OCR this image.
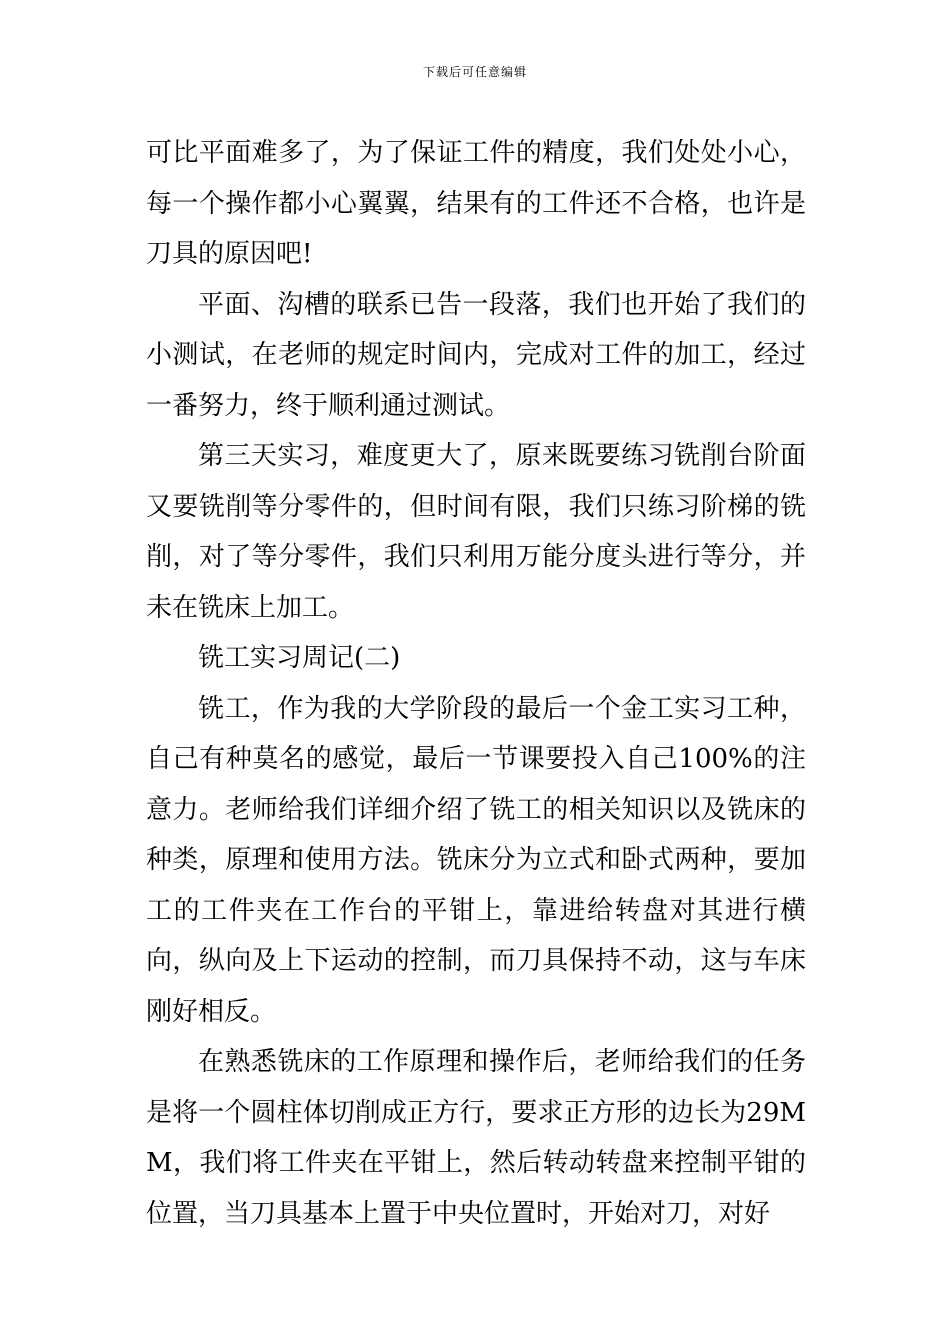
下载后可任意编辑

可比平面难多了，为了保证工件的精度，我们处处小心，每一个操作都小心翼翼，结果有的工件还不合格，也许是刀具的原因吧!

平面、沟槽的联系已告一段落，我们也开始了我们的小测试，在老师的规定时间内，完成对工件的加工，经过一番努力，终于顺利通过测试。

第三天实习，难度更大了，原来既要练习铣削台阶面又要铣削等分零件的，但时间有限，我们只练习阶梯的铣削，对了等分零件，我们只利用万能分度头进行等分，并未在铣床上加工。

铣工实习周记(二)

铣工，作为我的大学阶段的最后一个金工实习工种，自己有种莫名的感觉，最后一节课要投入自己100%的注意力。老师给我们详细介绍了铣工的相关知识以及铣床的种类，原理和使用方法。铣床分为立式和卧式两种，要加工的工件夹在工作台的平钳上，靠进给转盘对其进行横向，纵向及上下运动的控制，而刀具保持不动，这与车床刚好相反。

在熟悉铣床的工作原理和操作后，老师给我们的任务是将一个圆柱体切削成正方行，要求正方形的边长为29MM，我们将工件夹在平钳上，然后转动转盘来控制平钳的位置，当刀具基本上置于中央位置时，开始对刀，对好
